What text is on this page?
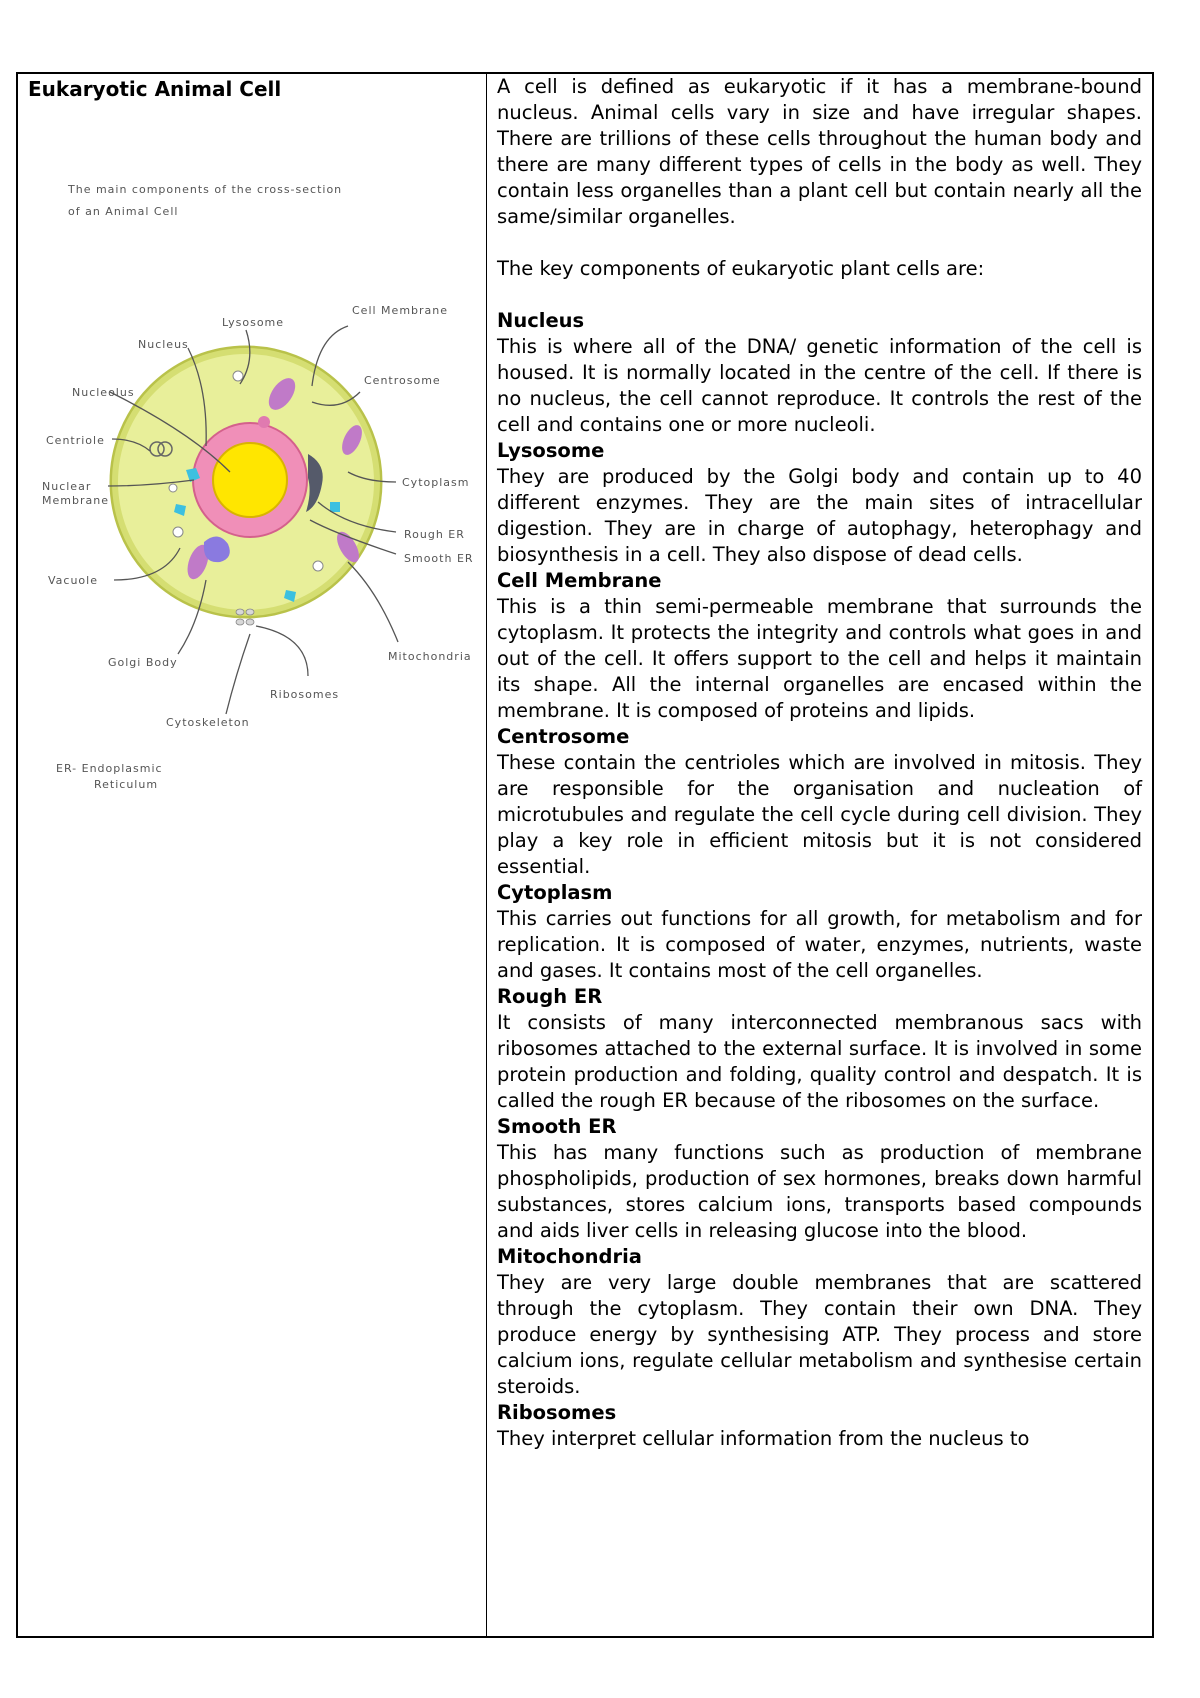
Eukaryotic Animal Cell

The main components of the cross-section
of an Animal Cell
Lysosome
Cell Membrane
Nucleus
Centrosome
Nucleolus
Centriole
Cytoplasm
Nuclear
Membrane
Rough ER
Smooth ER
Vacuole
Golgi Body	Mitochondria
Ribosomes
Cytoskeleton
ER- Endoplasmic
Reticulum

A cell is defined as eukaryotic if it has a membrane-bound nucleus. Animal cells vary in size and have irregular shapes. There are trillions of these cells throughout the human body and there are many different types of cells in the body as well. They contain less organelles than a plant cell but contain nearly all the same/similar organelles.

The key components of eukaryotic plant cells are:

Nucleus

This is where all of the DNA/ genetic information of the cell is housed. It is normally located in the centre of the cell. If there is no nucleus, the cell cannot reproduce. It controls the rest of the cell and contains one or more nucleoli.

Lysosome

They are produced by the Golgi body and contain up to 40 different enzymes. They are the main sites of intracellular digestion. They are in charge of autophagy, heterophagy and biosynthesis in a cell. They also dispose of dead cells.

Cell Membrane

This is a thin semi-permeable membrane that surrounds the cytoplasm. It protects the integrity and controls what goes in and out of the cell. It offers support to the cell and helps it maintain its shape. All the internal organelles are encased within the membrane. It is composed of proteins and lipids.

Centrosome

These contain the centrioles which are involved in mitosis. They are responsible for the organisation and nucleation of microtubules and regulate the cell cycle during cell division. They play a key role in efficient mitosis but it is not considered essential.

Cytoplasm

This carries out functions for all growth, for metabolism and for replication. It is composed of water, enzymes, nutrients, waste and gases. It contains most of the cell organelles.

Rough ER

It consists of many interconnected membranous sacs with ribosomes attached to the external surface. It is involved in some protein production and folding, quality control and despatch. It is called the rough ER because of the ribosomes on the surface.

Smooth ER

This has many functions such as production of membrane phospholipids, production of sex hormones, breaks down harmful substances, stores calcium ions, transports based compounds and aids liver cells in releasing glucose into the blood.

Mitochondria

They are very large double membranes that are scattered through the cytoplasm. They contain their own DNA. They produce energy by synthesising ATP. They process and store calcium ions, regulate cellular metabolism and synthesise certain steroids.

Ribosomes

They interpret cellular information from the nucleus to
